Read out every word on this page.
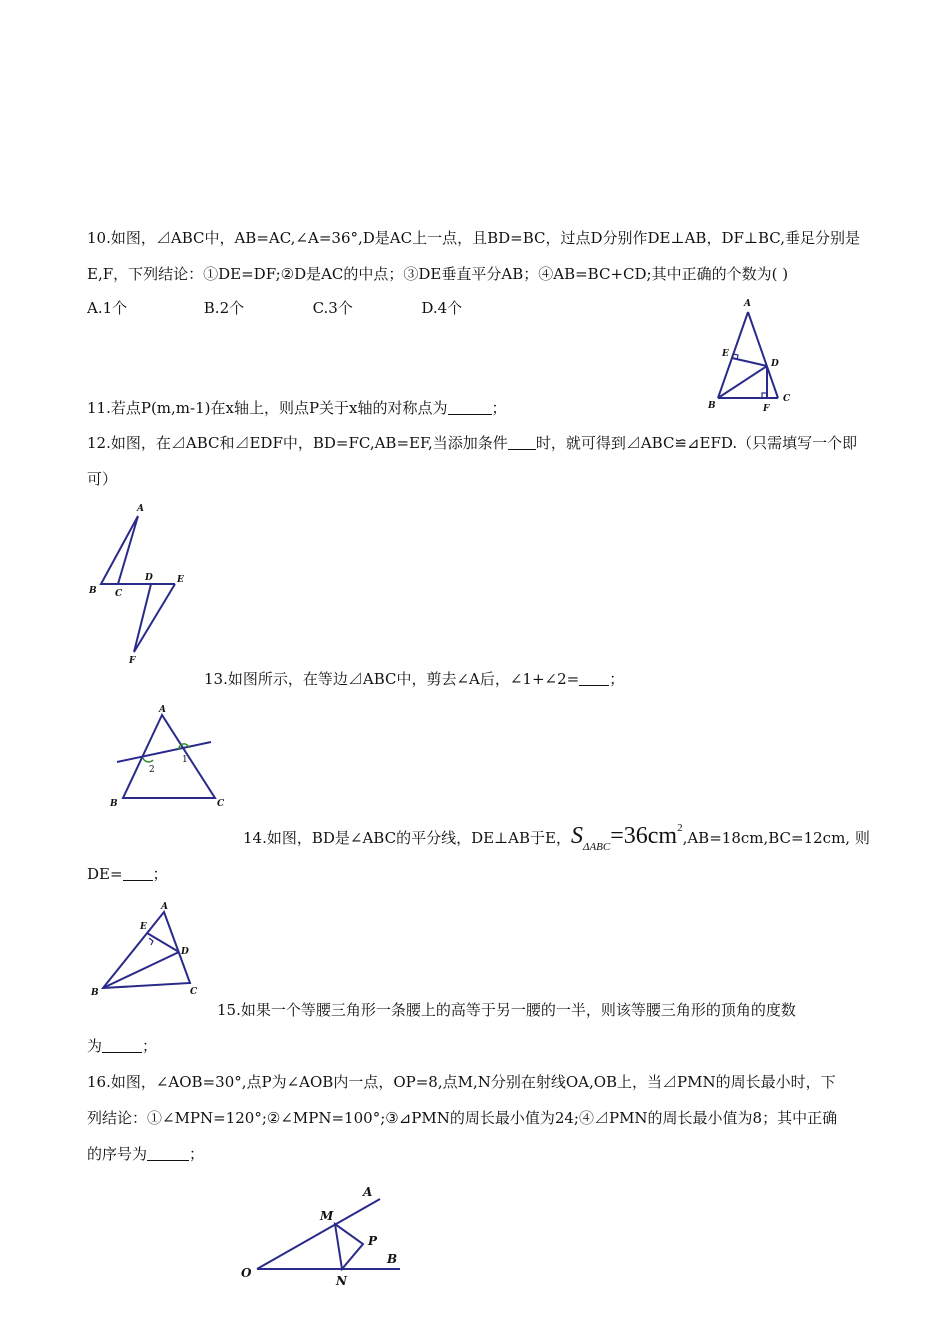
10.如图，⊿ABC中，AB=AC,∠A=36°,D是AC上一点，且BD=BC，过点D分别作DE⊥AB，DF⊥BC,垂足分别是
E,F，下列结论：①DE=DF;②D是AC的中点；③DE垂直平分AB；④AB=BC+CD;其中正确的个数为( )
A.1个	B.2个	C.3个	D.4个	A
E
D
B	F
C
11.若点P(m,m-1)在x轴上，则点P关于x轴的对称点为	；
12.如图，在⊿ABC和⊿EDF中，BD=FC,AB=EF,当添加条件 时，就可得到⊿ABC≌⊿EFD.（只需填写一个即
可）
A
B C
D	E
F
13.如图所示，在等边⊿ABC中，剪去∠A后，∠1+∠2= ；
A
2
1
B	C
14.如图，BD是∠ABC的平分线，DE⊥AB于E，$S_{\Delta ABC}=36cm^2,AB=18cm,BC=12cm$, 则
DE= ；
A
E
D
B	C
15.如果一个等腰三角形一条腰上的高等于另一腰的一半，则该等腰三角形的顶角的度数
为	；
16.如图，∠AOB=30°,点P为∠AOB内一点，OP=8,点M,N分别在射线OA,OB上，当⊿PMN的周长最小时，下
列结论：①∠MPN=120°;②∠MPN=100°;③⊿PMN的周长最小值为24;④⊿PMN的周长最小值为8；其中正确
的序号为	；
A
M
P
B
O
N
